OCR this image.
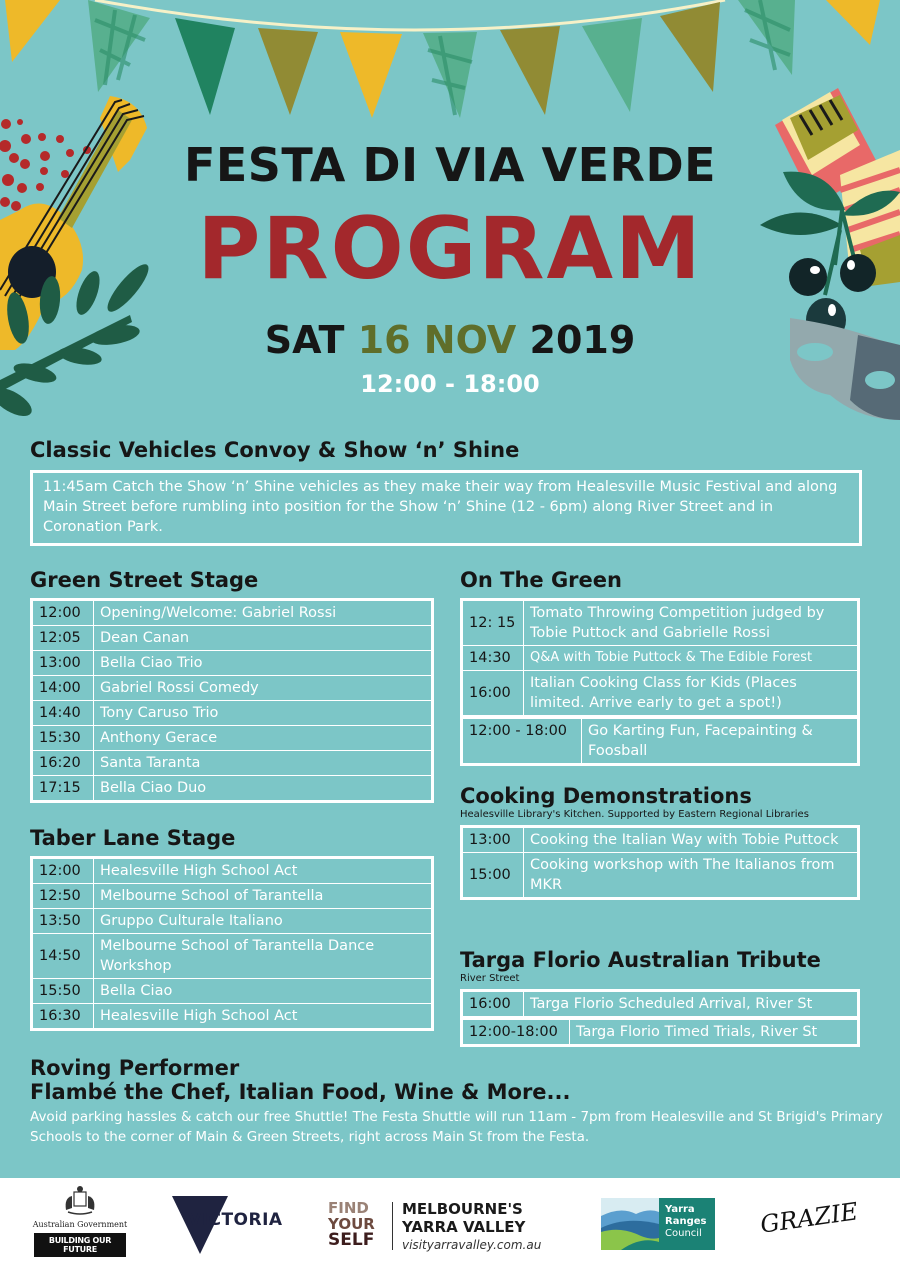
FESTA DI VIA VERDE
PROGRAM
SAT 16 NOV 2019
12:00 - 18:00
Classic Vehicles Convoy & Show ‘n’ Shine
11:45am Catch the Show ‘n’ Shine vehicles as they make their way from Healesville Music Festival and along Main Street before rumbling into position for the Show ‘n’ Shine (12 - 6pm) along River Street and in Coronation Park.
Green Street Stage
12:00	Opening/Welcome: Gabriel Rossi
12:05	Dean Canan
13:00	Bella Ciao Trio
14:00	Gabriel Rossi Comedy
14:40	Tony Caruso Trio
15:30	Anthony Gerace
16:20	Santa Taranta
17:15	Bella Ciao Duo
Taber Lane Stage
12:00	Healesville High School Act
12:50	Melbourne School of Tarantella
13:50	Gruppo Culturale Italiano
14:50	Melbourne School of Tarantella Dance Workshop
15:50	Bella Ciao
16:30	Healesville High School Act
On The Green
12: 15	Tomato Throwing Competition judged by Tobie Puttock and Gabrielle Rossi
14:30	Q&A with Tobie Puttock & The Edible Forest
16:00	Italian Cooking Class for Kids (Places limited. Arrive early to get a spot!)
12:00 - 18:00	Go Karting Fun, Facepainting & Foosball
Cooking Demonstrations
Healesville Library's Kitchen. Supported by Eastern Regional Libraries
13:00	Cooking the Italian Way with Tobie Puttock
15:00	Cooking workshop with The Italianos from MKR
Targa Florio Australian Tribute
River Street
16:00	Targa Florio Scheduled Arrival, River St
12:00-18:00	Targa Florio Timed Trials, River St
Roving Performer
Flambé the Chef, Italian Food, Wine & More...
Avoid parking hassles & catch our free Shuttle! The Festa Shuttle will run 11am - 7pm from Healesville and St Brigid's Primary Schools to the corner of Main & Green Streets, right across Main St from the Festa.
Australian Government
BUILDING OUR FUTURE
VICTORIA
FIND
YOUR
SELF
MELBOURNE'S
YARRA VALLEY
visityarravalley.com.au
Yarra
Ranges
Council GRAZIE
